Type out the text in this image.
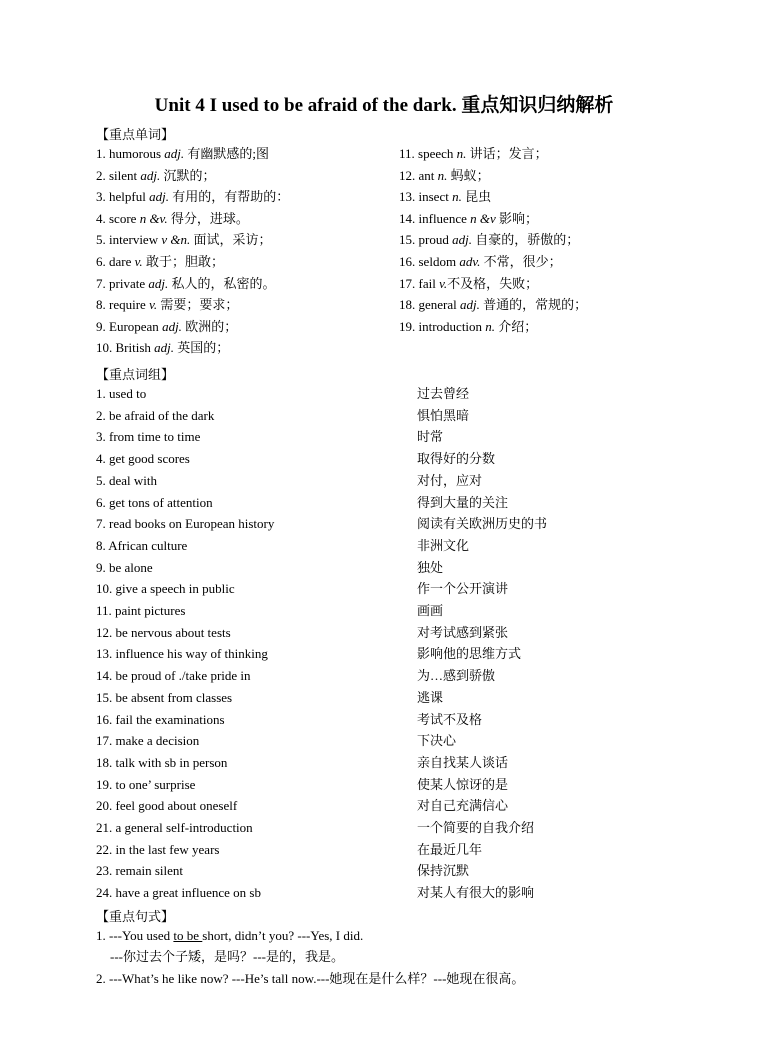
Unit 4 I used to be afraid of the dark. 重点知识归纳解析
【重点单词】
1. humorous adj. 有幽默感的;图
2. silent adj. 沉默的；
3. helpful adj. 有用的，有帮助的：
4. score n &v. 得分，进球。
5. interview v &n. 面试，采访；
6. dare v. 敢于；胆敢；
7. private adj. 私人的，私密的。
8. require v. 需要；要求；
9. European adj. 欧洲的；
10. British adj. 英国的；
11. speech n. 讲话；发言；
12. ant n. 蚂蚁；
13. insect n. 昆虫
14. influence n &v 影响；
15. proud adj. 自豪的，骄傲的；
16. seldom adv. 不常，很少；
17. fail v.不及格，失败；
18. general adj. 普通的，常规的；
19. introduction n. 介绍；
【重点词组】
1. used to	过去曾经
2. be afraid of the dark	惧怕黑暗
3. from time to time	时常
4. get good scores	取得好的分数
5. deal with	对付，应对
6. get tons of attention	得到大量的关注
7. read books on European history	阅读有关欧洲历史的书
8. African culture	非洲文化
9. be alone	独处
10. give a speech in public	作一个公开演讲
11. paint pictures	画画
12. be nervous about tests	对考试感到紧张
13. influence his way of thinking	影响他的思维方式
14. be proud of ./take pride in	为…感到骄傲
15. be absent from classes	逃课
16. fail the examinations	考试不及格
17. make a decision	下决心
18. talk with sb in person	亲自找某人谈话
19. to one’ surprise	使某人惊讶的是
20. feel good about oneself	对自己充满信心
21. a general self-introduction	一个简要的自我介绍
22. in the last few years	在最近几年
23. remain silent	保持沉默
24. have a great influence on sb	对某人有很大的影响
【重点句式】
1. ---You used to be short, didn’t you? ---Yes, I did.
---你过去个子矮，是吗？---是的，我是。
2. ---What’s he like now? ---He’s tall now.---她现在是什么样？---她现在很高。
